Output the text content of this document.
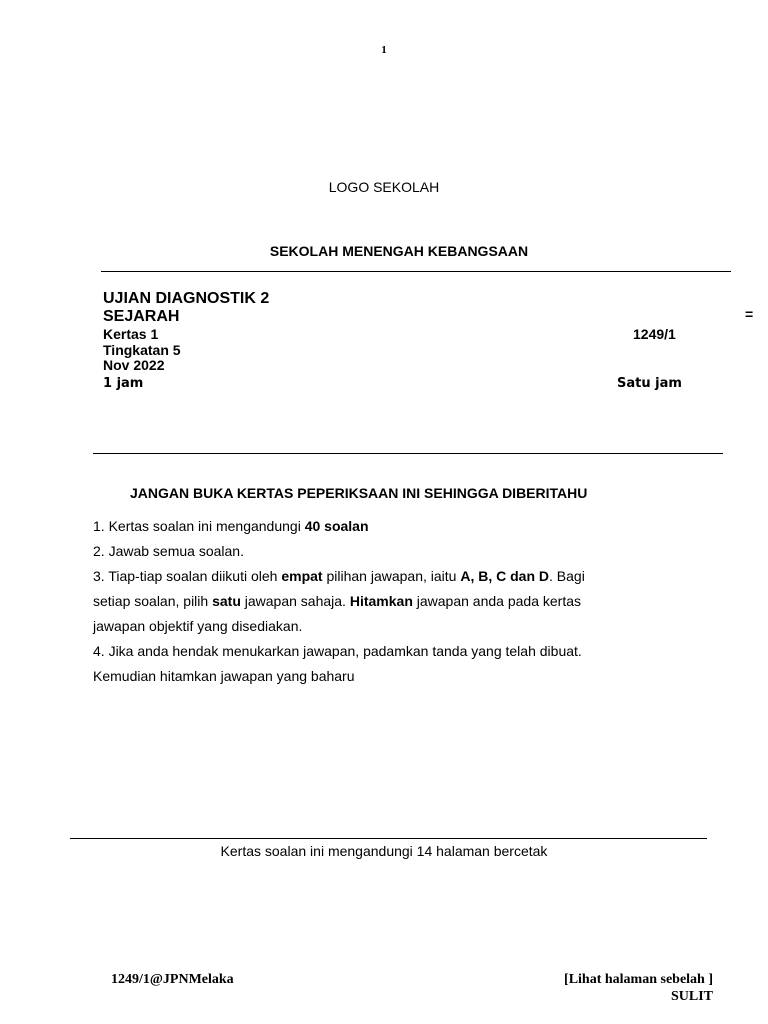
1
LOGO SEKOLAH
SEKOLAH MENENGAH KEBANGSAAN
UJIAN DIAGNOSTIK 2
SEJARAH
Kertas 1	1249/1
Tingkatan 5
Nov 2022
1 jam	Satu jam
=
JANGAN BUKA KERTAS PEPERIKSAAN INI SEHINGGA DIBERITAHU
1. Kertas soalan ini mengandungi 40 soalan
2. Jawab semua soalan.
3. Tiap-tiap soalan diikuti oleh empat pilihan jawapan, iaitu A, B, C dan D. Bagi
setiap soalan, pilih satu jawapan sahaja. Hitamkan jawapan anda pada kertas
jawapan objektif yang disediakan.
4. Jika anda hendak menukarkan jawapan, padamkan tanda yang telah dibuat.
Kemudian hitamkan jawapan yang baharu
Kertas soalan ini mengandungi 14 halaman bercetak
1249/1@JPNMelaka	[Lihat halaman sebelah ]
SULIT
